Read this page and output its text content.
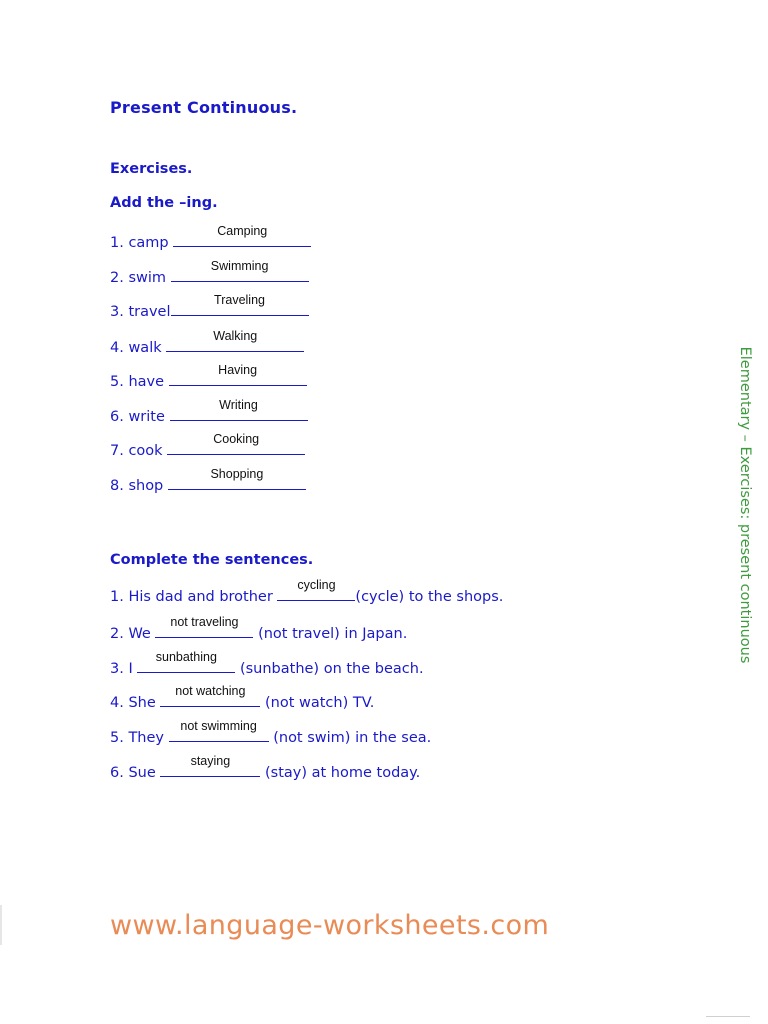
Present Continuous.
Exercises.
Add the –ing.
1. camp
Camping
2. swim
Swimming
3. travel
Traveling
4. walk
Walking
5. have
Having
6. write
Writing
7. cook
Cooking
8. shop
Shopping
Complete the sentences.
1. His dad and brother
cycling
(cycle) to the shops.
2. We
not traveling
(not travel) in Japan.
3. I
sunbathing
(sunbathe) on the beach.
4. She
not watching
(not watch) TV.
5. They
not swimming
(not swim) in the sea.
6. Sue
staying
(stay) at home today.
Elementary – Exercises: present continuous
www.language-worksheets.com
